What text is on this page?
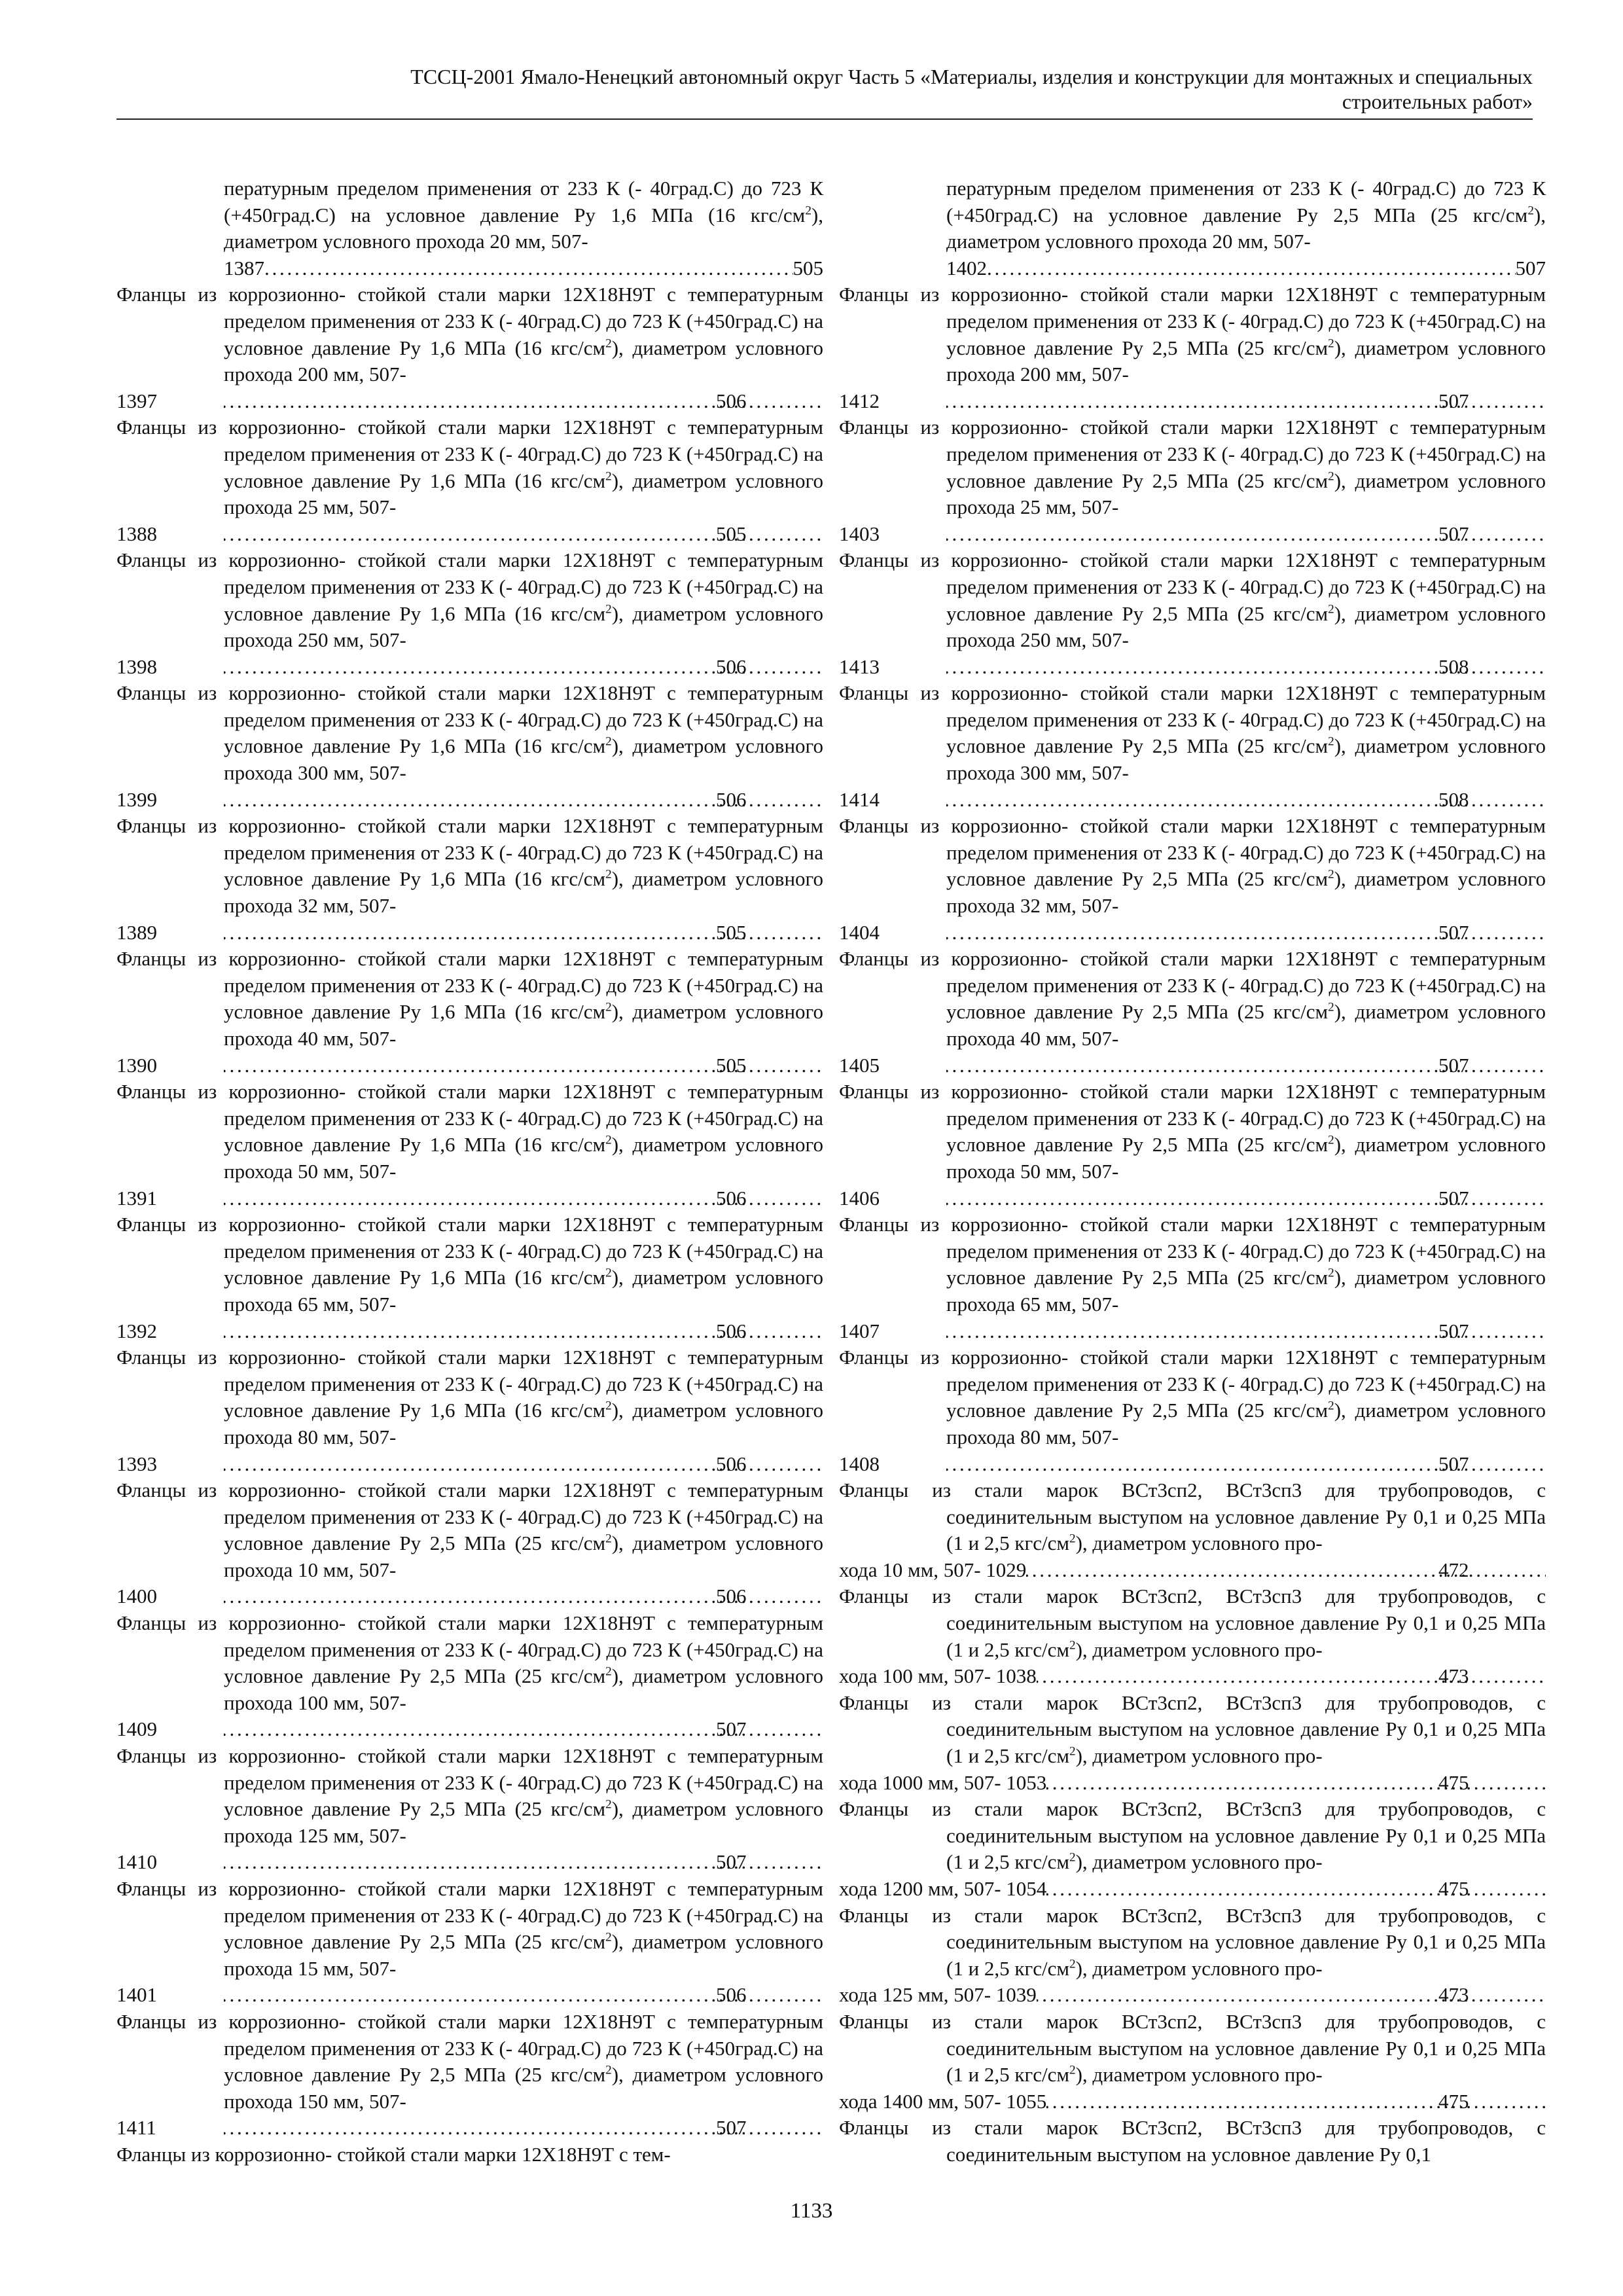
ТССЦ-2001 Ямало-Ненецкий автономный округ Часть 5 «Материалы, изделия и конструкции для монтажных и специальных
строительных работ»
пературным пределом применения от 233 К (- 40град.С) до 723 К (+450град.С) на условное давление Ру 1,6 МПа (16 кгс/$см^2$), диаметром условного прохода 20 мм, 507-
1387 . . .	505
Фланцы из коррозионно- стойкой стали марки 12Х18Н9Т с температурным пределом применения от 233 К (- 40град.С) до 723 К (+450град.С) на условное давление Ру 1,6 МПа (16 кгс/$см^2$), диаметром условного прохода 200 мм, 507-
1397 . . .	506
Фланцы из коррозионно- стойкой стали марки 12Х18Н9Т с температурным пределом применения от 233 К (- 40град.С) до 723 К (+450град.С) на условное давление Ру 1,6 МПа (16 кгс/$см^2$), диаметром условного прохода 25 мм, 507-
1388 . . .	505
Фланцы из коррозионно- стойкой стали марки 12Х18Н9Т с температурным пределом применения от 233 К (- 40град.С) до 723 К (+450град.С) на условное давление Ру 1,6 МПа (16 кгс/$см^2$), диаметром условного прохода 250 мм, 507-
1398 . . .	506
Фланцы из коррозионно- стойкой стали марки 12Х18Н9Т с температурным пределом применения от 233 К (- 40град.С) до 723 К (+450град.С) на условное давление Ру 1,6 МПа (16 кгс/$см^2$), диаметром условного прохода 300 мм, 507-
1399 . . .	506
Фланцы из коррозионно- стойкой стали марки 12Х18Н9Т с температурным пределом применения от 233 К (- 40град.С) до 723 К (+450град.С) на условное давление Ру 1,6 МПа (16 кгс/$см^2$), диаметром условного прохода 32 мм, 507-
1389 . . .	505
Фланцы из коррозионно- стойкой стали марки 12Х18Н9Т с температурным пределом применения от 233 К (- 40град.С) до 723 К (+450град.С) на условное давление Ру 1,6 МПа (16 кгс/$см^2$), диаметром условного прохода 40 мм, 507-
1390 . . .	505
Фланцы из коррозионно- стойкой стали марки 12Х18Н9Т с температурным пределом применения от 233 К (- 40град.С) до 723 К (+450град.С) на условное давление Ру 1,6 МПа (16 кгс/$см^2$), диаметром условного прохода 50 мм, 507-
1391 . . .	506
Фланцы из коррозионно- стойкой стали марки 12Х18Н9Т с температурным пределом применения от 233 К (- 40град.С) до 723 К (+450град.С) на условное давление Ру 1,6 МПа (16 кгс/$см^2$), диаметром условного прохода 65 мм, 507-
1392 . . .	506
Фланцы из коррозионно- стойкой стали марки 12Х18Н9Т с температурным пределом применения от 233 К (- 40град.С) до 723 К (+450град.С) на условное давление Ру 1,6 МПа (16 кгс/$см^2$), диаметром условного прохода 80 мм, 507-
1393 . . .	506
Фланцы из коррозионно- стойкой стали марки 12Х18Н9Т с температурным пределом применения от 233 К (- 40град.С) до 723 К (+450град.С) на условное давление Ру 2,5 МПа (25 кгс/$см^2$), диаметром условного прохода 10 мм, 507-
1400 . . .	506
Фланцы из коррозионно- стойкой стали марки 12Х18Н9Т с температурным пределом применения от 233 К (- 40град.С) до 723 К (+450град.С) на условное давление Ру 2,5 МПа (25 кгс/$см^2$), диаметром условного прохода 100 мм, 507-
1409 . . .	507
Фланцы из коррозионно- стойкой стали марки 12Х18Н9Т с температурным пределом применения от 233 К (- 40град.С) до 723 К (+450град.С) на условное давление Ру 2,5 МПа (25 кгс/$см^2$), диаметром условного прохода 125 мм, 507-
1410 . . .	507
Фланцы из коррозионно- стойкой стали марки 12Х18Н9Т с температурным пределом применения от 233 К (- 40град.С) до 723 К (+450град.С) на условное давление Ру 2,5 МПа (25 кгс/$см^2$), диаметром условного прохода 15 мм, 507-
1401 . . .	506
Фланцы из коррозионно- стойкой стали марки 12Х18Н9Т с температурным пределом применения от 233 К (- 40град.С) до 723 К (+450град.С) на условное давление Ру 2,5 МПа (25 кгс/$см^2$), диаметром условного прохода 150 мм, 507-
1411 . . .	507
Фланцы из коррозионно- стойкой стали марки 12Х18Н9Т с тем-
пературным пределом применения от 233 К (- 40град.С) до 723 К (+450град.С) на условное давление Ру 2,5 МПа (25 кгс/$см^2$), диаметром условного прохода 20 мм, 507-
1402 . . .	507
Фланцы из коррозионно- стойкой стали марки 12Х18Н9Т с температурным пределом применения от 233 К (- 40град.С) до 723 К (+450град.С) на условное давление Ру 2,5 МПа (25 кгс/$см^2$), диаметром условного прохода 200 мм, 507-
1412 . . .	507
Фланцы из коррозионно- стойкой стали марки 12Х18Н9Т с температурным пределом применения от 233 К (- 40град.С) до 723 К (+450град.С) на условное давление Ру 2,5 МПа (25 кгс/$см^2$), диаметром условного прохода 25 мм, 507-
1403 . . .	507
Фланцы из коррозионно- стойкой стали марки 12Х18Н9Т с температурным пределом применения от 233 К (- 40град.С) до 723 К (+450град.С) на условное давление Ру 2,5 МПа (25 кгс/$см^2$), диаметром условного прохода 250 мм, 507-
1413 . . .	508
Фланцы из коррозионно- стойкой стали марки 12Х18Н9Т с температурным пределом применения от 233 К (- 40град.С) до 723 К (+450град.С) на условное давление Ру 2,5 МПа (25 кгс/$см^2$), диаметром условного прохода 300 мм, 507-
1414 . . .	508
Фланцы из коррозионно- стойкой стали марки 12Х18Н9Т с температурным пределом применения от 233 К (- 40град.С) до 723 К (+450град.С) на условное давление Ру 2,5 МПа (25 кгс/$см^2$), диаметром условного прохода 32 мм, 507-
1404 . . .	507
Фланцы из коррозионно- стойкой стали марки 12Х18Н9Т с температурным пределом применения от 233 К (- 40град.С) до 723 К (+450град.С) на условное давление Ру 2,5 МПа (25 кгс/$см^2$), диаметром условного прохода 40 мм, 507-
1405 . . .	507
Фланцы из коррозионно- стойкой стали марки 12Х18Н9Т с температурным пределом применения от 233 К (- 40град.С) до 723 К (+450град.С) на условное давление Ру 2,5 МПа (25 кгс/$см^2$), диаметром условного прохода 50 мм, 507-
1406 . . .	507
Фланцы из коррозионно- стойкой стали марки 12Х18Н9Т с температурным пределом применения от 233 К (- 40град.С) до 723 К (+450град.С) на условное давление Ру 2,5 МПа (25 кгс/$см^2$), диаметром условного прохода 65 мм, 507-
1407 . . .	507
Фланцы из коррозионно- стойкой стали марки 12Х18Н9Т с температурным пределом применения от 233 К (- 40град.С) до 723 К (+450град.С) на условное давление Ру 2,5 МПа (25 кгс/$см^2$), диаметром условного прохода 80 мм, 507-
1408 . . .	507
Фланцы из стали марок ВСт3сп2, ВСт3сп3 для трубопроводов, с соединительным выступом на условное давление Ру 0,1 и 0,25 МПа (1 и 2,5 кгс/$см^2$), диаметром условного про-
хода 10 мм, 507- 1029 . . .	472
Фланцы из стали марок ВСт3сп2, ВСт3сп3 для трубопроводов, с соединительным выступом на условное давление Ру 0,1 и 0,25 МПа (1 и 2,5 кгс/$см^2$), диаметром условного про-
хода 100 мм, 507- 1038 . . .	473
Фланцы из стали марок ВСт3сп2, ВСт3сп3 для трубопроводов, с соединительным выступом на условное давление Ру 0,1 и 0,25 МПа (1 и 2,5 кгс/$см^2$), диаметром условного про-
хода 1000 мм, 507- 1053 . . .	475
Фланцы из стали марок ВСт3сп2, ВСт3сп3 для трубопроводов, с соединительным выступом на условное давление Ру 0,1 и 0,25 МПа (1 и 2,5 кгс/$см^2$), диаметром условного про-
хода 1200 мм, 507- 1054 . . .	475
Фланцы из стали марок ВСт3сп2, ВСт3сп3 для трубопроводов, с соединительным выступом на условное давление Ру 0,1 и 0,25 МПа (1 и 2,5 кгс/$см^2$), диаметром условного про-
хода 125 мм, 507- 1039 . . .	473
Фланцы из стали марок ВСт3сп2, ВСт3сп3 для трубопроводов, с соединительным выступом на условное давление Ру 0,1 и 0,25 МПа (1 и 2,5 кгс/$см^2$), диаметром условного про-
хода 1400 мм, 507- 1055 . . .	475
Фланцы из стали марок ВСт3сп2, ВСт3сп3 для трубопроводов, с соединительным выступом на условное давление Ру 0,1
1133
